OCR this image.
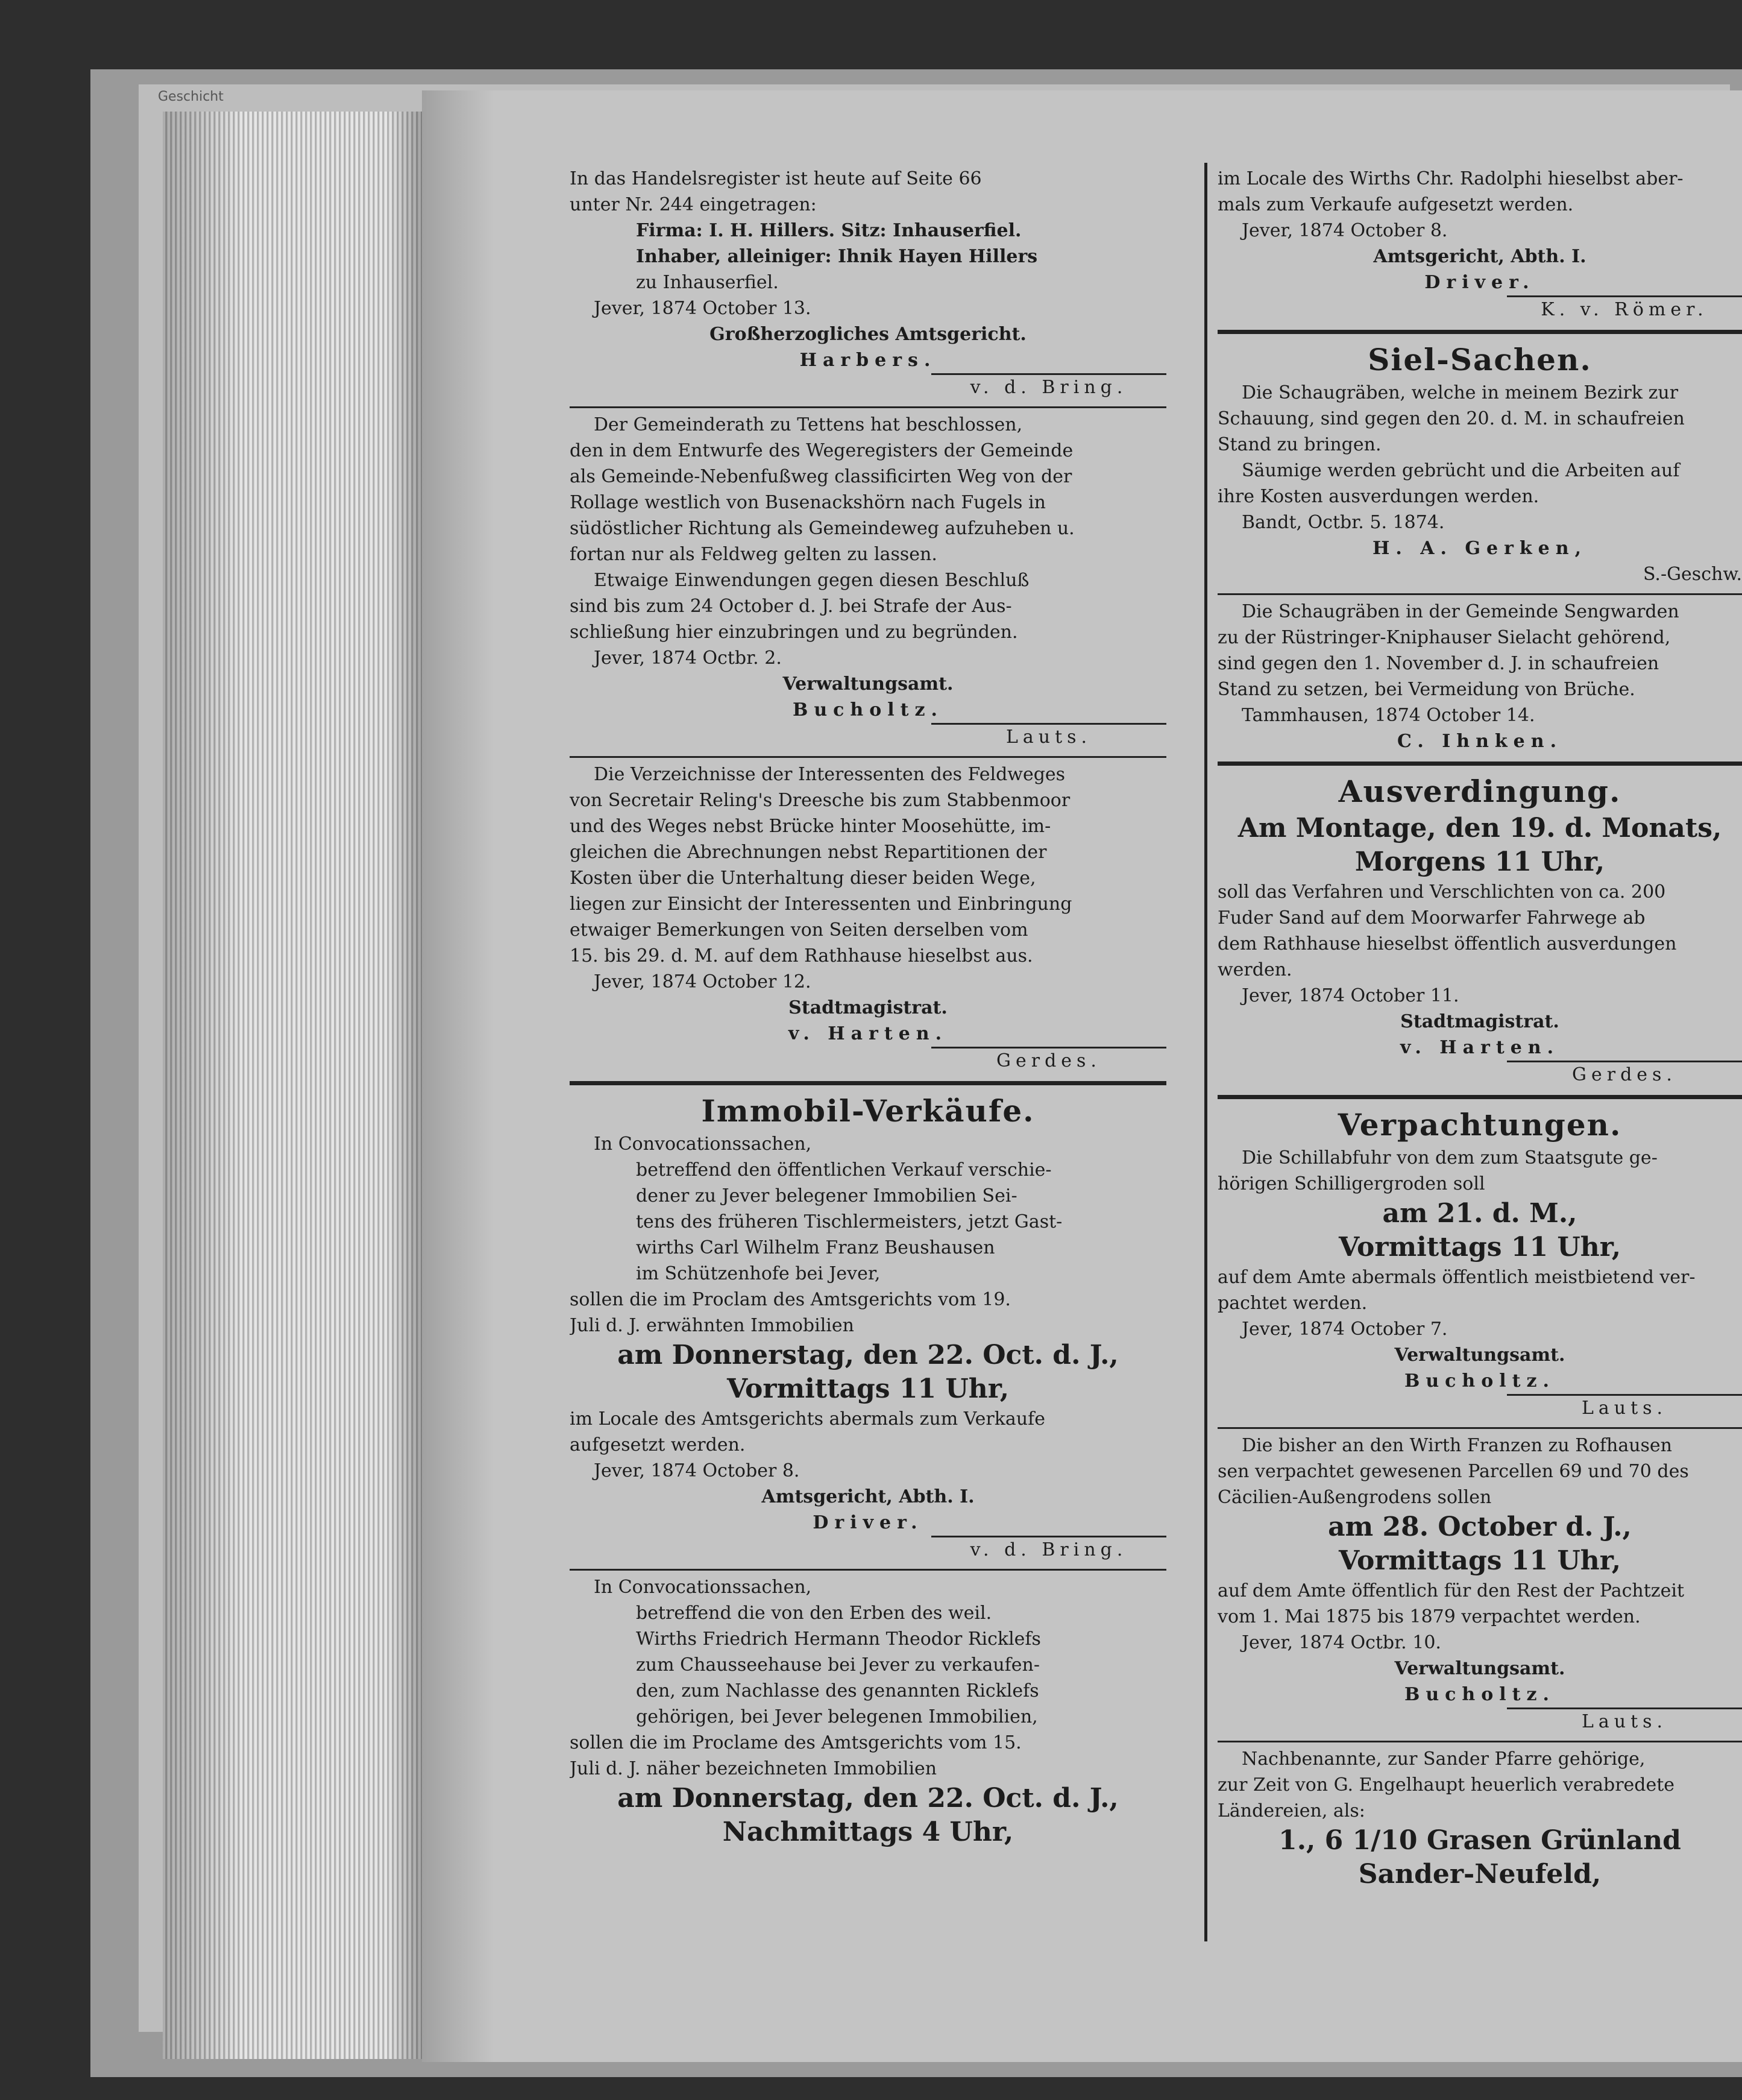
Geschicht
In das Handelsregister ist heute auf Seite 66
unter Nr. 244 eingetragen:
Firma: I. H. Hillers. Sitz: Inhauserfiel.
Inhaber, alleiniger: Ihnik Hayen Hillers
zu Inhauserfiel.
Jever, 1874 October 13.
Großherzogliches Amtsgericht.
Harbers.
v. d. Bring.
Der Gemeinderath zu Tettens hat beschlossen,
den in dem Entwurfe des Wegeregisters der Gemeinde
als Gemeinde-Nebenfußweg classificirten Weg von der
Rollage westlich von Busenackshörn nach Fugels in
südöstlicher Richtung als Gemeindeweg aufzuheben u.
fortan nur als Feldweg gelten zu lassen.
Etwaige Einwendungen gegen diesen Beschluß
sind bis zum 24 October d. J. bei Strafe der Aus-
schließung hier einzubringen und zu begründen.
Jever, 1874 Octbr. 2.
Verwaltungsamt.
Bucholtz.
Lauts.
Die Verzeichnisse der Interessenten des Feldweges
von Secretair Reling's Dreesche bis zum Stabbenmoor
und des Weges nebst Brücke hinter Moosehütte, im-
gleichen die Abrechnungen nebst Repartitionen der
Kosten über die Unterhaltung dieser beiden Wege,
liegen zur Einsicht der Interessenten und Einbringung
etwaiger Bemerkungen von Seiten derselben vom
15. bis 29. d. M. auf dem Rathhause hieselbst aus.
Jever, 1874 October 12.
Stadtmagistrat.
v. Harten.
Gerdes.
Immobil-Verkäufe.
In Convocationssachen,
betreffend den öffentlichen Verkauf verschie-
dener zu Jever belegener Immobilien Sei-
tens des früheren Tischlermeisters, jetzt Gast-
wirths Carl Wilhelm Franz Beushausen
im Schützenhofe bei Jever,
sollen die im Proclam des Amtsgerichts vom 19.
Juli d. J. erwähnten Immobilien
am Donnerstag, den 22. Oct. d. J.,
Vormittags 11 Uhr,
im Locale des Amtsgerichts abermals zum Verkaufe
aufgesetzt werden.
Jever, 1874 October 8.
Amtsgericht, Abth. I.
Driver.
v. d. Bring.
In Convocationssachen,
betreffend die von den Erben des weil.
Wirths Friedrich Hermann Theodor Ricklefs
zum Chausseehause bei Jever zu verkaufen-
den, zum Nachlasse des genannten Ricklefs
gehörigen, bei Jever belegenen Immobilien,
sollen die im Proclame des Amtsgerichts vom 15.
Juli d. J. näher bezeichneten Immobilien
am Donnerstag, den 22. Oct. d. J.,
Nachmittags 4 Uhr,
im Locale des Wirths Chr. Radolphi hieselbst aber-
mals zum Verkaufe aufgesetzt werden.
Jever, 1874 October 8.
Amtsgericht, Abth. I.
Driver.
K. v. Römer.
Siel-Sachen.
Die Schaugräben, welche in meinem Bezirk zur
Schauung, sind gegen den 20. d. M. in schaufreien
Stand zu bringen.
Säumige werden gebrücht und die Arbeiten auf
ihre Kosten ausverdungen werden.
Bandt, Octbr. 5. 1874.
H. A. Gerken,
S.-Geschw.
Die Schaugräben in der Gemeinde Sengwarden
zu der Rüstringer-Kniphauser Sielacht gehörend,
sind gegen den 1. November d. J. in schaufreien
Stand zu setzen, bei Vermeidung von Brüche.
Tammhausen, 1874 October 14.
C. Ihnken.
Ausverdingung.
Am Montage, den 19. d. Monats,
Morgens 11 Uhr,
soll das Verfahren und Verschlichten von ca. 200
Fuder Sand auf dem Moorwarfer Fahrwege ab
dem Rathhause hieselbst öffentlich ausverdungen
werden.
Jever, 1874 October 11.
Stadtmagistrat.
v. Harten.
Gerdes.
Verpachtungen.
Die Schillabfuhr von dem zum Staatsgute ge-
hörigen Schilligergroden soll
am 21. d. M.,
Vormittags 11 Uhr,
auf dem Amte abermals öffentlich meistbietend ver-
pachtet werden.
Jever, 1874 October 7.
Verwaltungsamt.
Bucholtz.
Lauts.
Die bisher an den Wirth Franzen zu Rofhausen
sen verpachtet gewesenen Parcellen 69 und 70 des
Cäcilien-Außengrodens sollen
am 28. October d. J.,
Vormittags 11 Uhr,
auf dem Amte öffentlich für den Rest der Pachtzeit
vom 1. Mai 1875 bis 1879 verpachtet werden.
Jever, 1874 Octbr. 10.
Verwaltungsamt.
Bucholtz.
Lauts.
Nachbenannte, zur Sander Pfarre gehörige,
zur Zeit von G. Engelhaupt heuerlich verabredete
Ländereien, als:
1., 6 1/10 Grasen Grünland
Sander-Neufeld,
